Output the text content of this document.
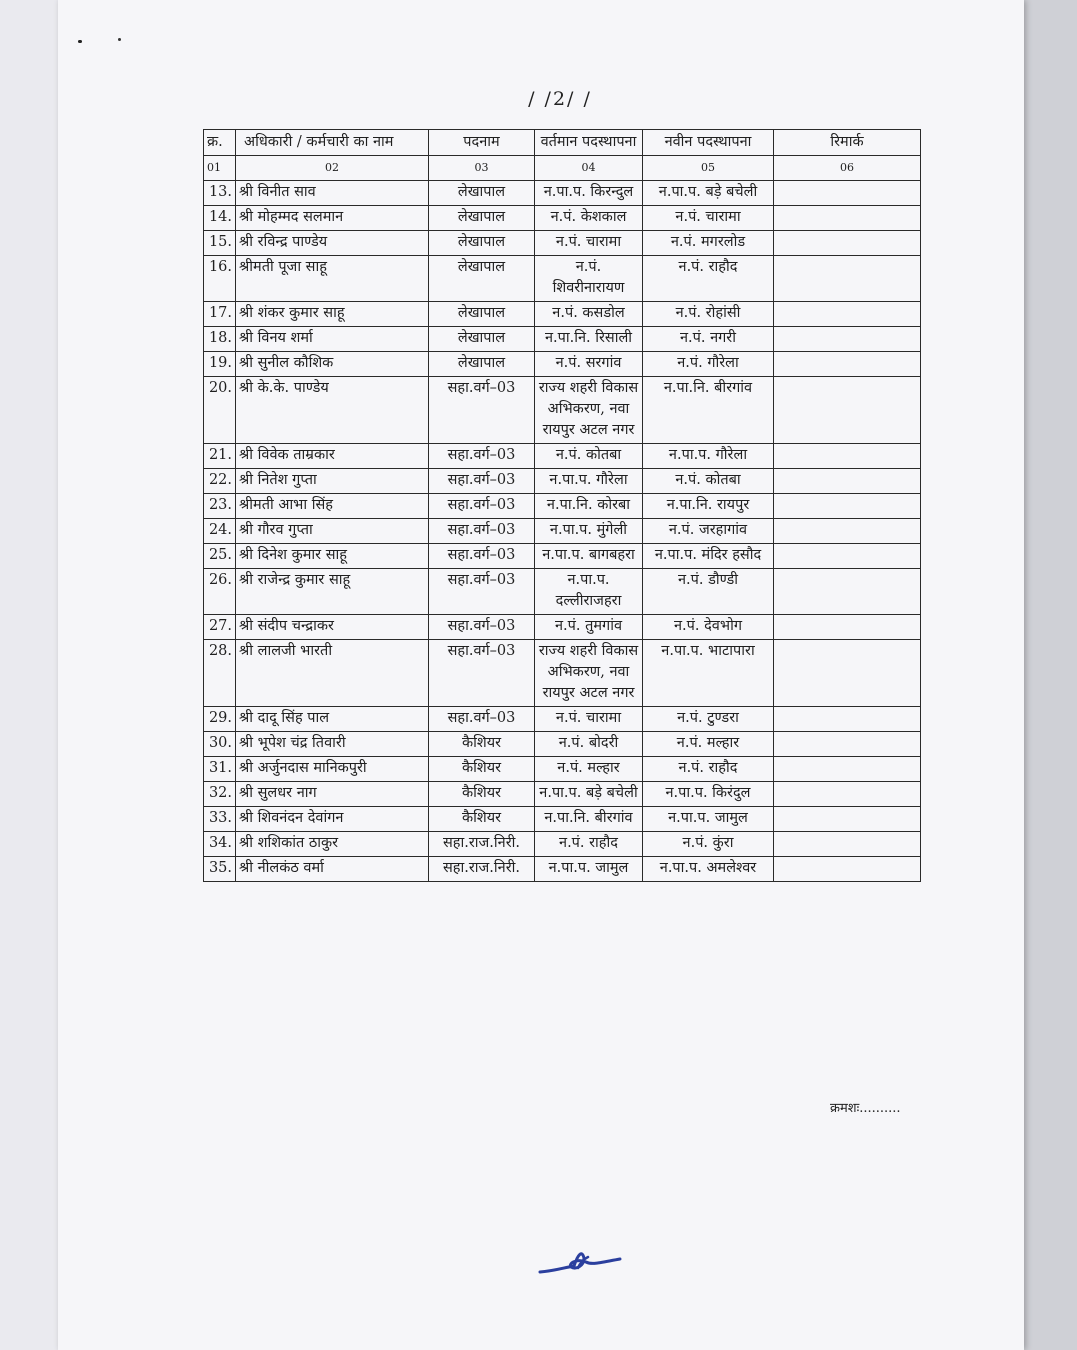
/ /2/ /
क्र.	अधिकारी / कर्मचारी का नाम	पदनाम	वर्तमान पदस्थापना	नवीन पदस्थापना	रिमार्क
01	02	03	04	05	06
13.	श्री विनीत साव	लेखापाल	न.पा.प. किरन्दुल	न.पा.प. बड़े बचेली	
14.	श्री मोहम्मद सलमान	लेखापाल	न.पं. केशकाल	न.पं. चारामा	
15.	श्री रविन्द्र पाण्डेय	लेखापाल	न.पं. चारामा	न.पं. मगरलोड	
16.	श्रीमती पूजा साहू	लेखापाल	न.पं. शिवरीनारायण	न.पं. राहौद	
17.	श्री शंकर कुमार साहू	लेखापाल	न.पं. कसडोल	न.पं. रोहांसी	
18.	श्री विनय शर्मा	लेखापाल	न.पा.नि. रिसाली	न.पं. नगरी	
19.	श्री सुनील कौशिक	लेखापाल	न.पं. सरगांव	न.पं. गौरेला	
20.	श्री के.के. पाण्डेय	सहा.वर्ग–03	राज्य शहरी विकास अभिकरण, नवा रायपुर अटल नगर	न.पा.नि. बीरगांव	
21.	श्री विवेक ताम्रकार	सहा.वर्ग–03	न.पं. कोतबा	न.पा.प. गौरेला	
22.	श्री नितेश गुप्ता	सहा.वर्ग–03	न.पा.प. गौरेला	न.पं. कोतबा	
23.	श्रीमती आभा सिंह	सहा.वर्ग–03	न.पा.नि. कोरबा	न.पा.नि. रायपुर	
24.	श्री गौरव गुप्ता	सहा.वर्ग–03	न.पा.प. मुंगेली	न.पं. जरहागांव	
25.	श्री दिनेश कुमार साहू	सहा.वर्ग–03	न.पा.प. बागबहरा	न.पा.प. मंदिर हसौद	
26.	श्री राजेन्द्र कुमार साहू	सहा.वर्ग–03	न.पा.प. दल्लीराजहरा	न.पं. डौण्डी	
27.	श्री संदीप चन्द्राकर	सहा.वर्ग–03	न.पं. तुमगांव	न.पं. देवभोग	
28.	श्री लालजी भारती	सहा.वर्ग–03	राज्य शहरी विकास अभिकरण, नवा रायपुर अटल नगर	न.पा.प. भाटापारा	
29.	श्री दादू सिंह पाल	सहा.वर्ग–03	न.पं. चारामा	न.पं. टुण्डरा	
30.	श्री भूपेश चंद्र तिवारी	कैशियर	न.पं. बोदरी	न.पं. मल्हार	
31.	श्री अर्जुनदास मानिकपुरी	कैशियर	न.पं. मल्हार	न.पं. राहौद	
32.	श्री सुलधर नाग	कैशियर	न.पा.प. बड़े बचेली	न.पा.प. किरंदुल	
33.	श्री शिवनंदन देवांगन	कैशियर	न.पा.नि. बीरगांव	न.पा.प. जामुल	
34.	श्री शशिकांत ठाकुर	सहा.राज.निरी.	न.पं. राहौद	न.पं. कुंरा	
35.	श्री नीलकंठ वर्मा	सहा.राज.निरी.	न.पा.प. जामुल	न.पा.प. अमलेश्वर	
क्रमशः..........
